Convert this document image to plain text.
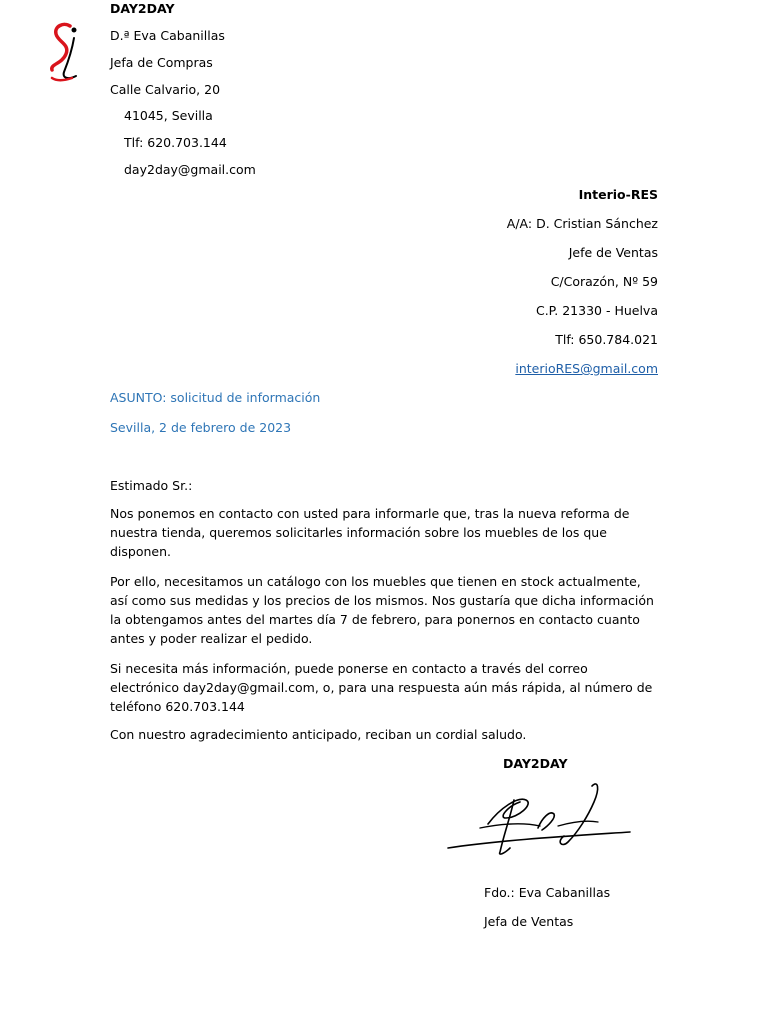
DAY2DAY
D.ª Eva Cabanillas
Jefa de Compras
Calle Calvario, 20
41045, Sevilla
Tlf: 620.703.144
day2day@gmail.com
Interio-RES
A/A: D. Cristian Sánchez
Jefe de Ventas
C/Corazón, Nº 59
C.P. 21330 - Huelva
Tlf: 650.784.021
interioRES@gmail.com
ASUNTO: solicitud de información
Sevilla, 2 de febrero de 2023
Estimado Sr.:
Nos ponemos en contacto con usted para informarle que, tras la nueva reforma de nuestra tienda, queremos solicitarles información sobre los muebles de los que disponen.
Por ello, necesitamos un catálogo con los muebles que tienen en stock actualmente, así como sus medidas y los precios de los mismos. Nos gustaría que dicha información la obtengamos antes del martes día 7 de febrero, para ponernos en contacto cuanto antes y poder realizar el pedido.
Si necesita más información, puede ponerse en contacto a través del correo electrónico day2day@gmail.com, o, para una respuesta aún más rápida, al número de teléfono 620.703.144
Con nuestro agradecimiento anticipado, reciban un cordial saludo.
DAY2DAY
Fdo.: Eva Cabanillas
Jefa de Ventas
